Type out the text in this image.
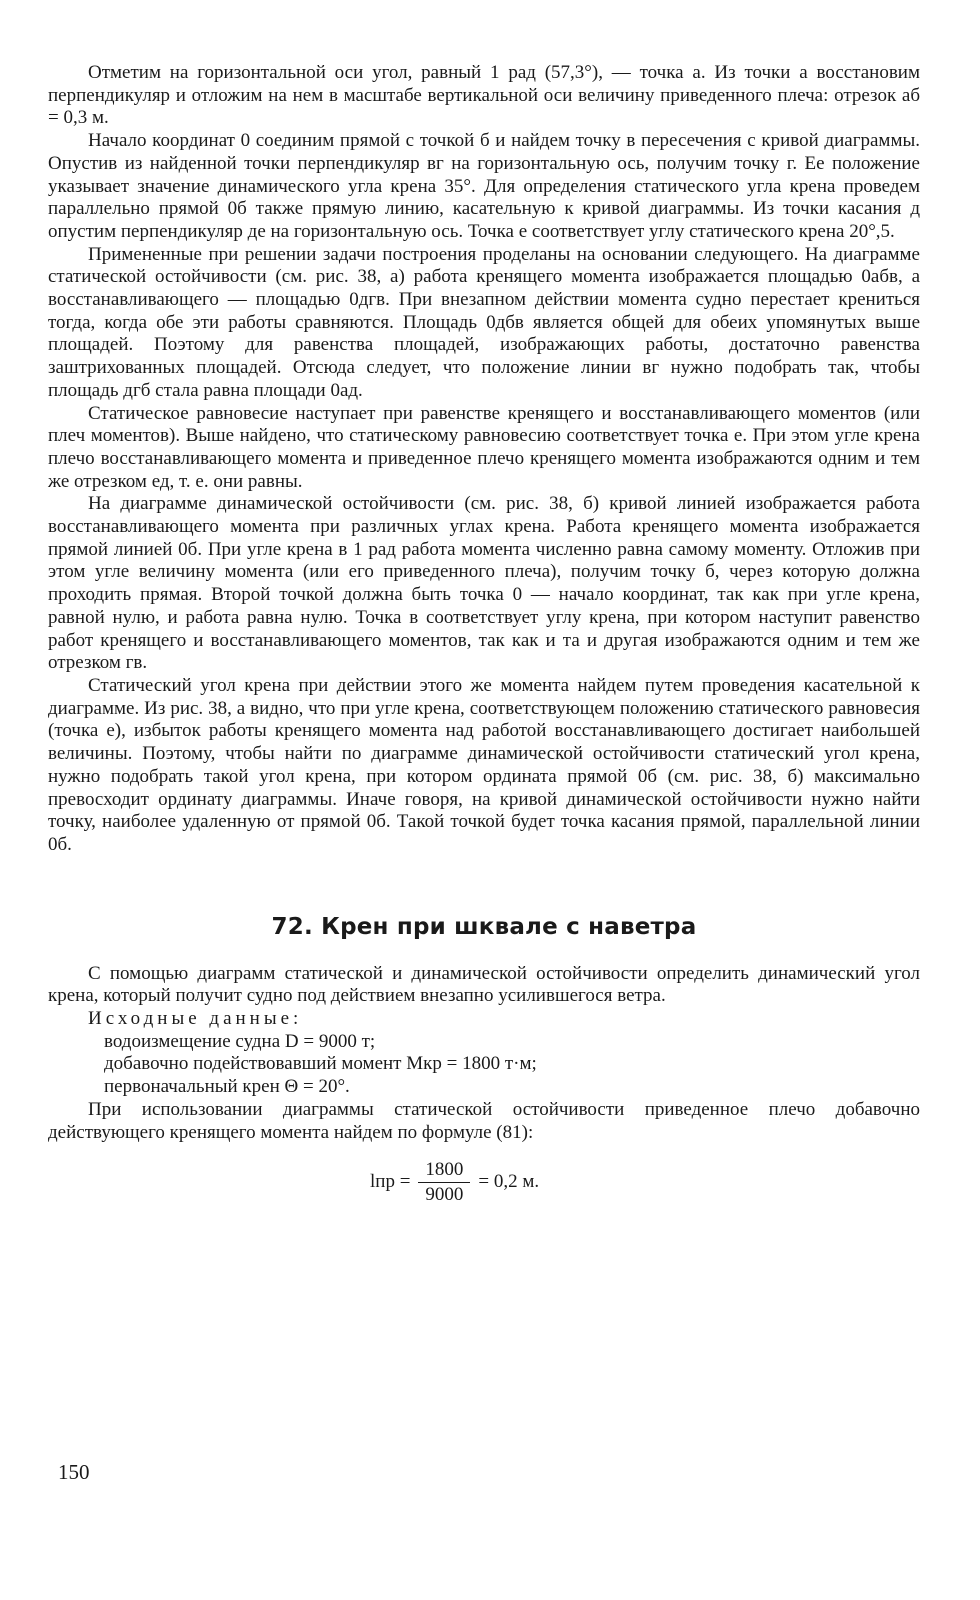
Отметим на горизонтальной оси угол, равный 1 рад (57,3°), — точка а. Из точки а восстановим перпендикуляр и отложим на нем в масштабе вертикальной оси величину приведенного плеча: отрезок аб = 0,3 м.

Начало координат 0 соединим прямой с точкой б и найдем точку в пересечения с кривой диаграммы. Опустив из найденной точки перпендикуляр вг на горизонтальную ось, получим точку г. Ее положение указывает значение динамического угла крена 35°. Для определения статического угла крена проведем параллельно прямой 0б также прямую линию, касательную к кривой диаграммы. Из точки касания д опустим перпендикуляр де на горизонтальную ось. Точка е соответствует углу статического крена 20°,5.

Примененные при решении задачи построения проделаны на основании следующего. На диаграмме статической остойчивости (см. рис. 38, а) работа кренящего момента изображается площадью 0абв, а восстанавливающего — площадью 0дгв. При внезапном действии момента судно перестает крениться тогда, когда обе эти работы сравняются. Площадь 0дбв является общей для обеих упомянутых выше площадей. Поэтому для равенства площадей, изображающих работы, достаточно равенства заштрихованных площадей. Отсюда следует, что положение линии вг нужно подобрать так, чтобы площадь дгб стала равна площади 0ад.

Статическое равновесие наступает при равенстве кренящего и восстанавливающего моментов (или плеч моментов). Выше найдено, что статическому равновесию соответствует точка е. При этом угле крена плечо восстанавливающего момента и приведенное плечо кренящего момента изображаются одним и тем же отрезком ед, т. е. они равны.

На диаграмме динамической остойчивости (см. рис. 38, б) кривой линией изображается работа восстанавливающего момента при различных углах крена. Работа кренящего момента изображается прямой линией 0б. При угле крена в 1 рад работа момента численно равна самому моменту. Отложив при этом угле величину момента (или его приведенного плеча), получим точку б, через которую должна проходить прямая. Второй точкой должна быть точка 0 — начало координат, так как при угле крена, равной нулю, и работа равна нулю. Точка в соответствует углу крена, при котором наступит равенство работ кренящего и восстанавливающего моментов, так как и та и другая изображаются одним и тем же отрезком гв.

Статический угол крена при действии этого же момента найдем путем проведения касательной к диаграмме. Из рис. 38, а видно, что при угле крена, соответствующем положению статического равновесия (точка е), избыток работы кренящего момента над работой восстанавливающего достигает наибольшей величины. Поэтому, чтобы найти по диаграмме динамической остойчивости статический угол крена, нужно подобрать такой угол крена, при котором ордината прямой 0б (см. рис. 38, б) максимально превосходит ординату диаграммы. Иначе говоря, на кривой динамической остойчивости нужно найти точку, наиболее удаленную от прямой 0б. Такой точкой будет точка касания прямой, параллельной линии 0б.

72. Крен при шквале с наветра

С помощью диаграмм статической и динамической остойчивости определить динамический угол крена, который получит судно под действием внезапно усилившегося ветра.

Исходные данные:

водоизмещение судна D = 9000 т;

добавочно подействовавший момент Mкр = 1800 т·м;

первоначальный крен Θ = 20°.

При использовании диаграммы статической остойчивости приведенное плечо добавочно действующего кренящего момента найдем по формуле (81):

lпр = $\frac{1800}{9000} = 0,2$ м.
150
